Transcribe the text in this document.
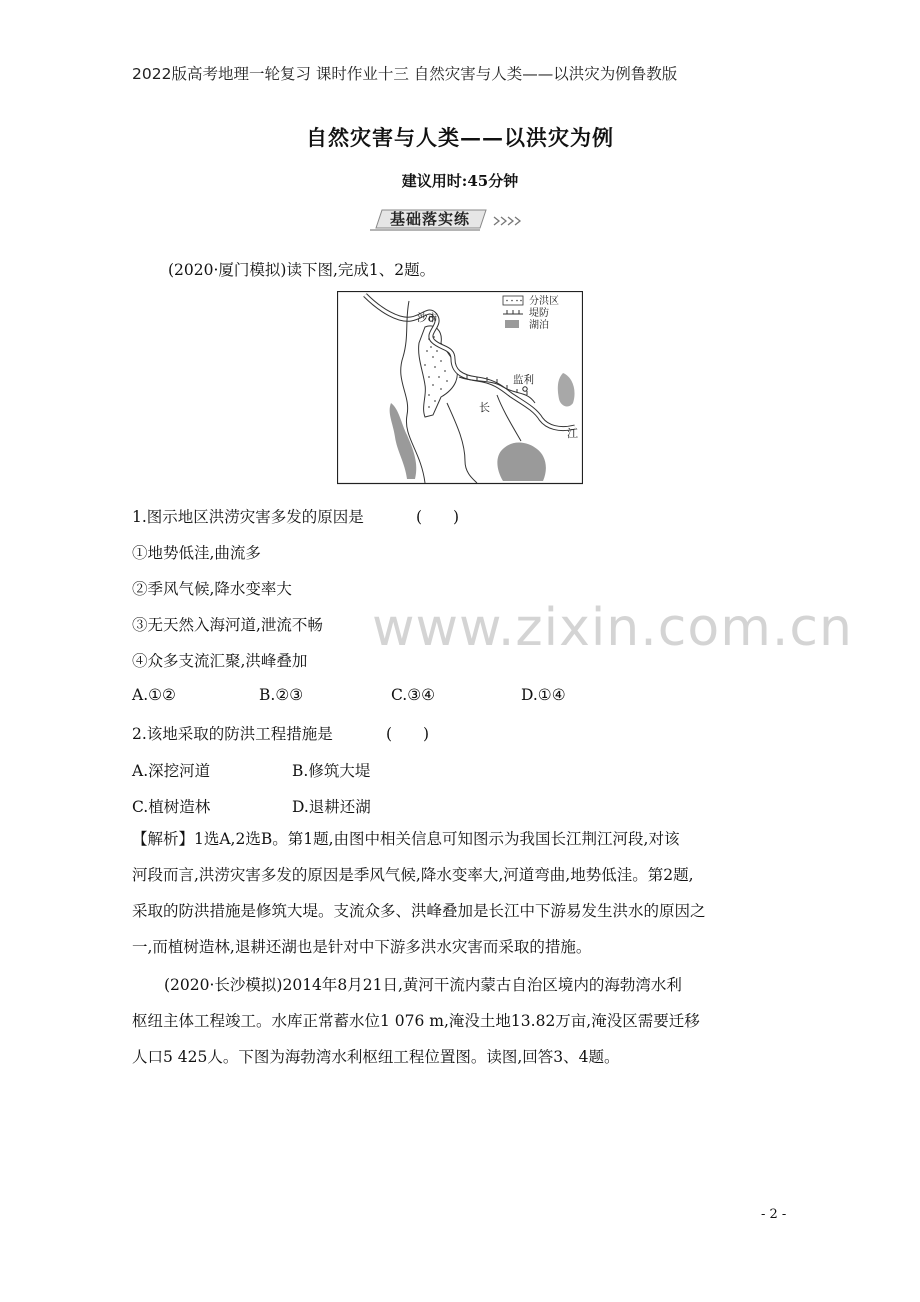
2022版高考地理一轮复习 课时作业十三 自然灾害与人类——以洪灾为例鲁教版
自然灾害与人类——以洪灾为例
建议用时:45分钟
基础落实练
(2020·厦门模拟)读下图,完成1、2题。
沙市
监利
长
江
分洪区
堤防
湖泊
1.图示地区洪涝灾害多发的原因是	(　　)
①地势低洼,曲流多
②季风气候,降水变率大
③无天然入海河道,泄流不畅
④众多支流汇聚,洪峰叠加
A.①②	B.②③	C.③④	D.①④
2.该地采取的防洪工程措施是	(　　)
A.深挖河道	B.修筑大堤
C.植树造林	D.退耕还湖
【解析】1选A,2选B。第1题,由图中相关信息可知图示为我国长江荆江河段,对该
河段而言,洪涝灾害多发的原因是季风气候,降水变率大,河道弯曲,地势低洼。第2题,
采取的防洪措施是修筑大堤。支流众多、洪峰叠加是长江中下游易发生洪水的原因之
一,而植树造林,退耕还湖也是针对中下游多洪水灾害而采取的措施。
(2020·长沙模拟)2014年8月21日,黄河干流内蒙古自治区境内的海勃湾水利
枢纽主体工程竣工。水库正常蓄水位1 076 m,淹没土地13.82万亩,淹没区需要迁移
人口5 425人。下图为海勃湾水利枢纽工程位置图。读图,回答3、4题。
www.zixin.com.cn
- 2 -
